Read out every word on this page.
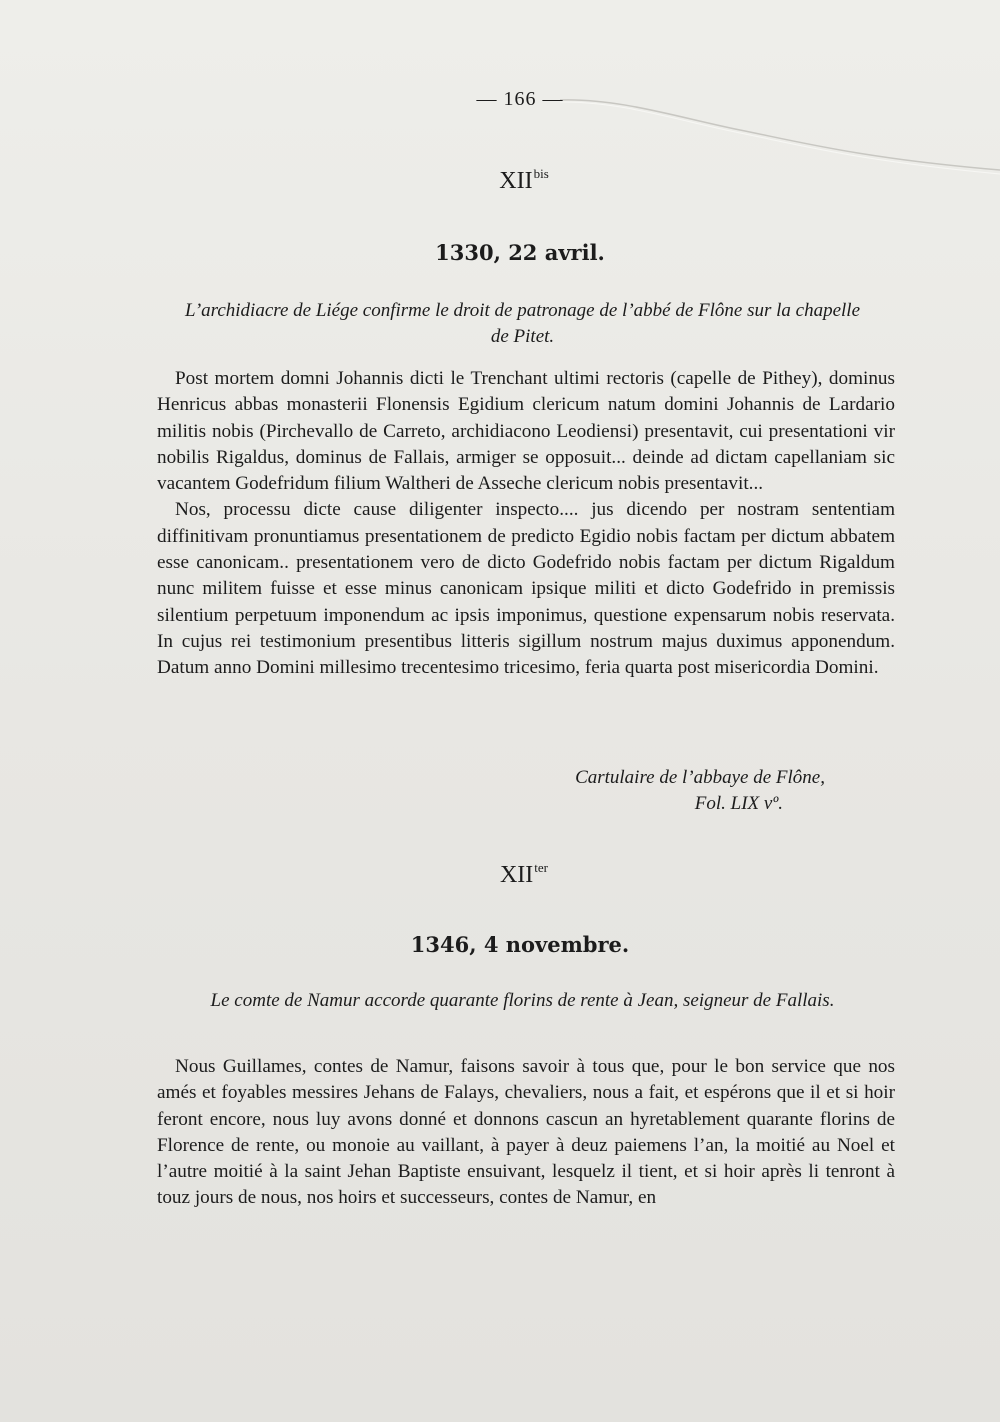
— 166 —
$XII^{bis}$
1330, 22 avril.
L’archidiacre de Liége confirme le droit de patronage de l’abbé de Flône sur la chapelle de Pitet.

Post mortem domni Johannis dicti le Trenchant ultimi rectoris (capelle de Pithey), dominus Henricus abbas monasterii Flonensis Egidium clericum natum domini Johannis de Lardario militis nobis (Pirchevallo de Carreto, archidiacono Leodiensi) presentavit, cui presentationi vir nobilis Rigaldus, dominus de Fallais, armiger se opposuit... deinde ad dictam capellaniam sic vacantem Godefridum filium Waltheri de Asseche clericum nobis presentavit...

Nos, processu dicte cause diligenter inspecto.... jus dicendo per nostram sententiam diffinitivam pronuntiamus presentationem de predicto Egidio nobis factam per dictum abbatem esse canonicam.. presentationem vero de dicto Godefrido nobis factam per dictum Rigaldum nunc militem fuisse et esse minus canonicam ipsique militi et dicto Godefrido in premissis silentium perpetuum imponendum ac ipsis imponimus, questione expensarum nobis reservata. In cujus rei testimonium presentibus litteris sigillum nostrum majus duximus apponendum. Datum anno Domini millesimo trecentesimo tricesimo, feria quarta post misericordia Domini.

Cartulaire de l’abbaye de Flône,
Fol. LIX vº.
$XII^{ter}$
1346, 4 novembre.
Le comte de Namur accorde quarante florins de rente à Jean, seigneur de Fallais.

Nous Guillames, contes de Namur, faisons savoir à tous que, pour le bon service que nos amés et foyables messires Jehans de Falays, chevaliers, nous a fait, et espérons que il et si hoir feront encore, nous luy avons donné et donnons cascun an hyretablement quarante florins de Florence de rente, ou monoie au vaillant, à payer à deuz paiemens l’an, la moitié au Noel et l’autre moitié à la saint Jehan Baptiste ensuivant, lesquelz il tient, et si hoir après li tenront à touz jours de nous, nos hoirs et successeurs, contes de Namur, en
